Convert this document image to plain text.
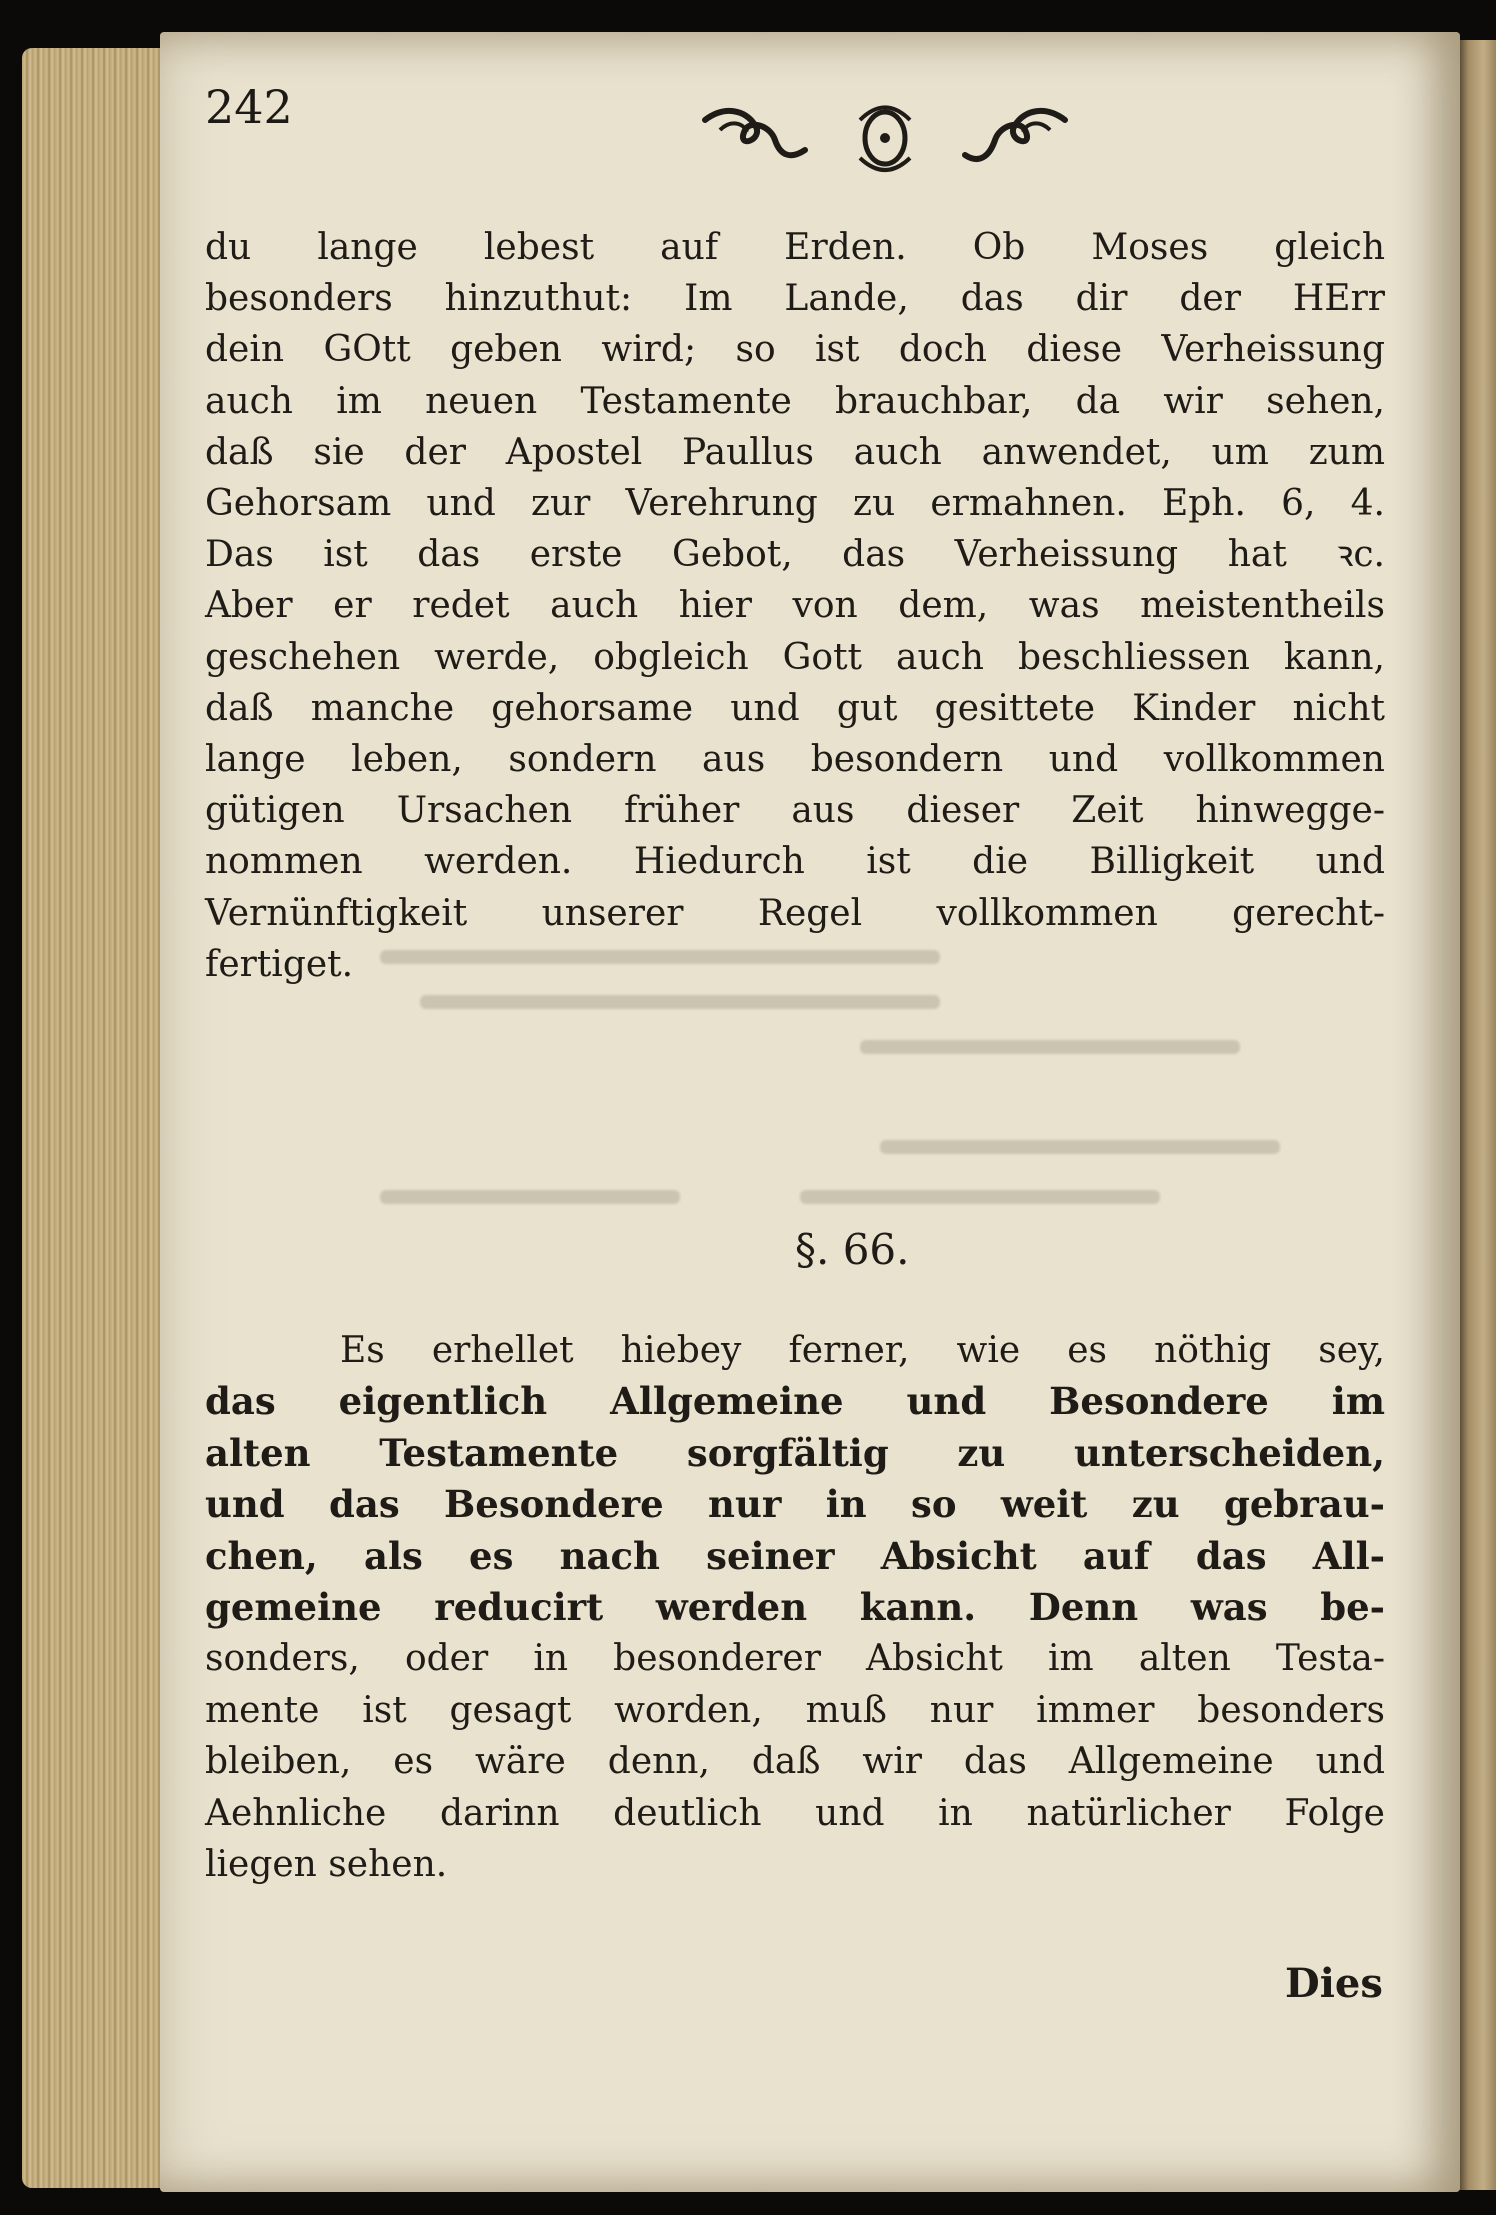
242

du lange lebest auf Erden. Ob Moses gleich
besonders hinzuthut: Im Lande, das dir der HErr
dein GOtt geben wird; so ist doch diese Verheissung
auch im neuen Testamente brauchbar, da wir sehen,
daß sie der Apostel Paullus auch anwendet, um zum
Gehorsam und zur Verehrung zu ermahnen. Eph. 6, 4.
Das ist das erste Gebot, das Verheissung hat ꝛc.
Aber er redet auch hier von dem, was meistentheils
geschehen werde, obgleich Gott auch beschliessen kann,
daß manche gehorsame und gut gesittete Kinder nicht
lange leben, sondern aus besondern und vollkommen
gütigen Ursachen früher aus dieser Zeit hinwegge-
nommen werden. Hiedurch ist die Billigkeit und
Vernünftigkeit unserer Regel vollkommen gerecht-
fertiget.

§. 66.

Es erhellet hiebey ferner, wie es nöthig sey,
das eigentlich Allgemeine und Besondere im
alten Testamente sorgfältig zu unterscheiden,
und das Besondere nur in so weit zu gebrau-
chen, als es nach seiner Absicht auf das All-
gemeine reducirt werden kann. Denn was be-
sonders, oder in besonderer Absicht im alten Testa-
mente ist gesagt worden, muß nur immer besonders
bleiben, es wäre denn, daß wir das Allgemeine und
Aehnliche darinn deutlich und in natürlicher Folge
liegen sehen.

Dies
